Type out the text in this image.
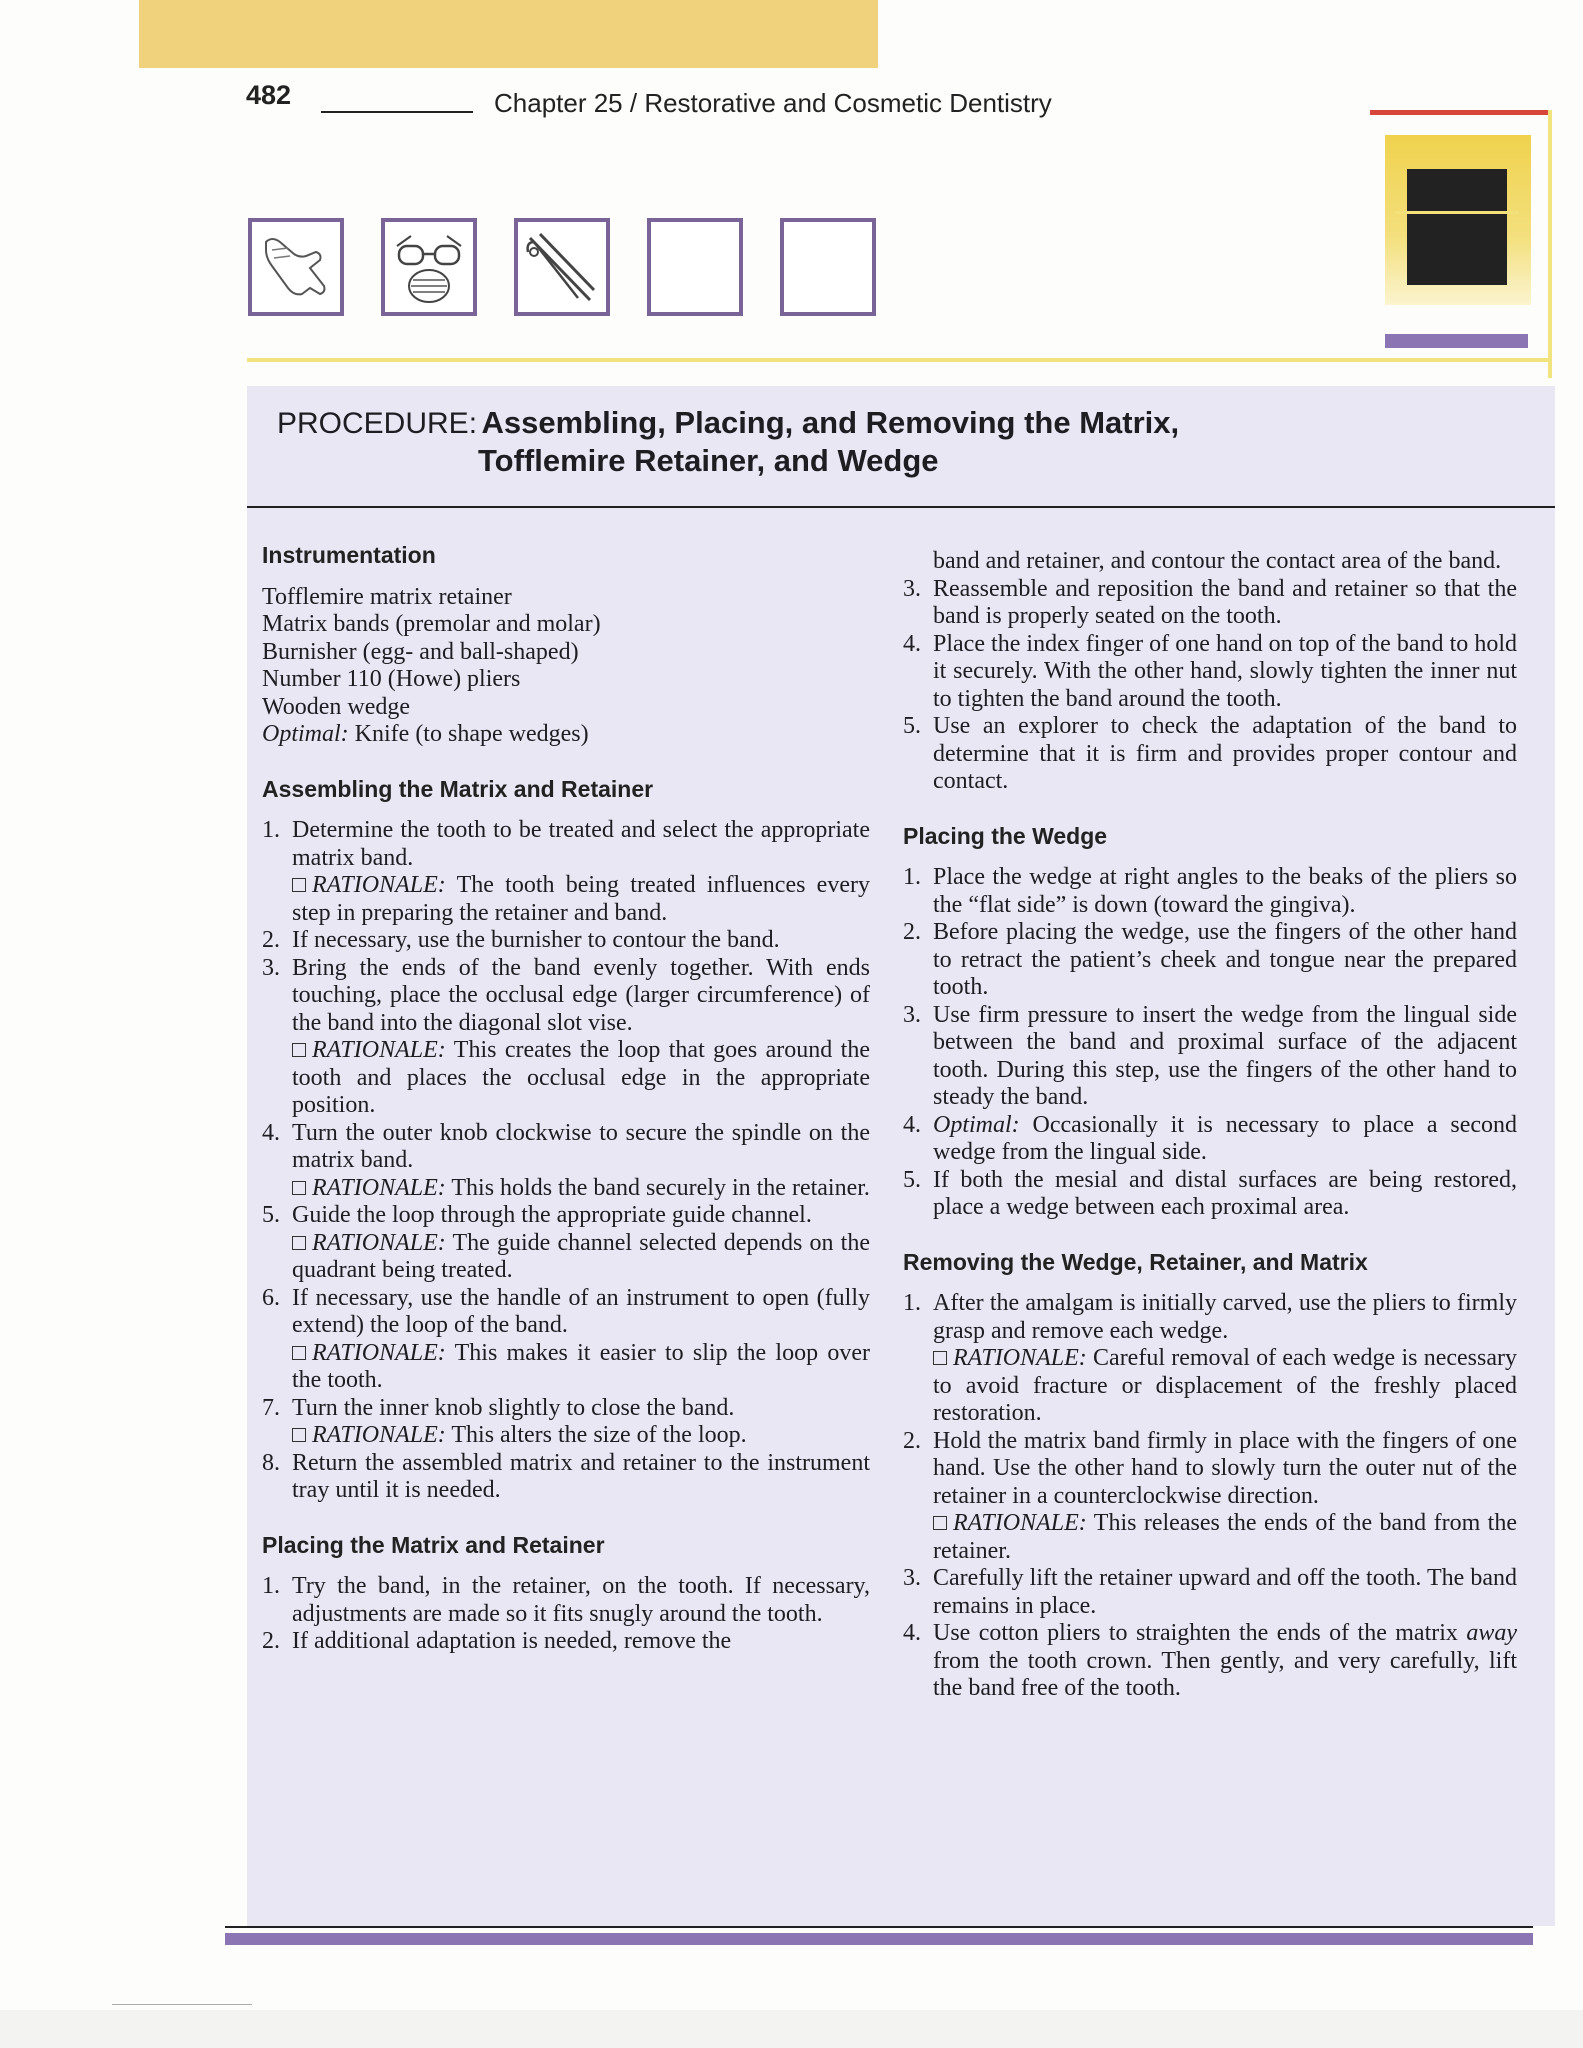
482	Chapter 25 / Restorative and Cosmetic Dentistry
PROCEDURE: Assembling, Placing, and Removing the Matrix,
Tofflemire Retainer, and Wedge
Instrumentation
Tofflemire matrix retainer
Matrix bands (premolar and molar)
Burnisher (egg- and ball-shaped)
Number 110 (Howe) pliers
Wooden wedge
Optimal: Knife (to shape wedges)
Assembling the Matrix and Retainer
1. Determine the tooth to be treated and select the appropriate matrix band.
RATIONALE: The tooth being treated influences every step in preparing the retainer and band.
2. If necessary, use the burnisher to contour the band.
3. Bring the ends of the band evenly together. With ends touching, place the occlusal edge (larger circumference) of the band into the diagonal slot vise.
RATIONALE: This creates the loop that goes around the tooth and places the occlusal edge in the appropriate position.
4. Turn the outer knob clockwise to secure the spindle on the matrix band.
RATIONALE: This holds the band securely in the retainer.
5. Guide the loop through the appropriate guide channel.
RATIONALE: The guide channel selected depends on the quadrant being treated.
6. If necessary, use the handle of an instrument to open (fully extend) the loop of the band.
RATIONALE: This makes it easier to slip the loop over the tooth.
7. Turn the inner knob slightly to close the band.
RATIONALE: This alters the size of the loop.
8. Return the assembled matrix and retainer to the instrument tray until it is needed.
Placing the Matrix and Retainer
1. Try the band, in the retainer, on the tooth. If necessary, adjustments are made so it fits snugly around the tooth.
2. If additional adaptation is needed, remove the
band and retainer, and contour the contact area of the band.
3. Reassemble and reposition the band and retainer so that the band is properly seated on the tooth.
4. Place the index finger of one hand on top of the band to hold it securely. With the other hand, slowly tighten the inner nut to tighten the band around the tooth.
5. Use an explorer to check the adaptation of the band to determine that it is firm and provides proper contour and contact.
Placing the Wedge
1. Place the wedge at right angles to the beaks of the pliers so the “flat side” is down (toward the gingiva).
2. Before placing the wedge, use the fingers of the other hand to retract the patient’s cheek and tongue near the prepared tooth.
3. Use firm pressure to insert the wedge from the lingual side between the band and proximal surface of the adjacent tooth. During this step, use the fingers of the other hand to steady the band.
4. Optimal: Occasionally it is necessary to place a second wedge from the lingual side.
5. If both the mesial and distal surfaces are being restored, place a wedge between each proximal area.
Removing the Wedge, Retainer, and Matrix
1. After the amalgam is initially carved, use the pliers to firmly grasp and remove each wedge.
RATIONALE: Careful removal of each wedge is necessary to avoid fracture or displacement of the freshly placed restoration.
2. Hold the matrix band firmly in place with the fingers of one hand. Use the other hand to slowly turn the outer nut of the retainer in a counterclockwise direction.
RATIONALE: This releases the ends of the band from the retainer.
3. Carefully lift the retainer upward and off the tooth. The band remains in place.
4. Use cotton pliers to straighten the ends of the matrix away from the tooth crown. Then gently, and very carefully, lift the band free of the tooth.
